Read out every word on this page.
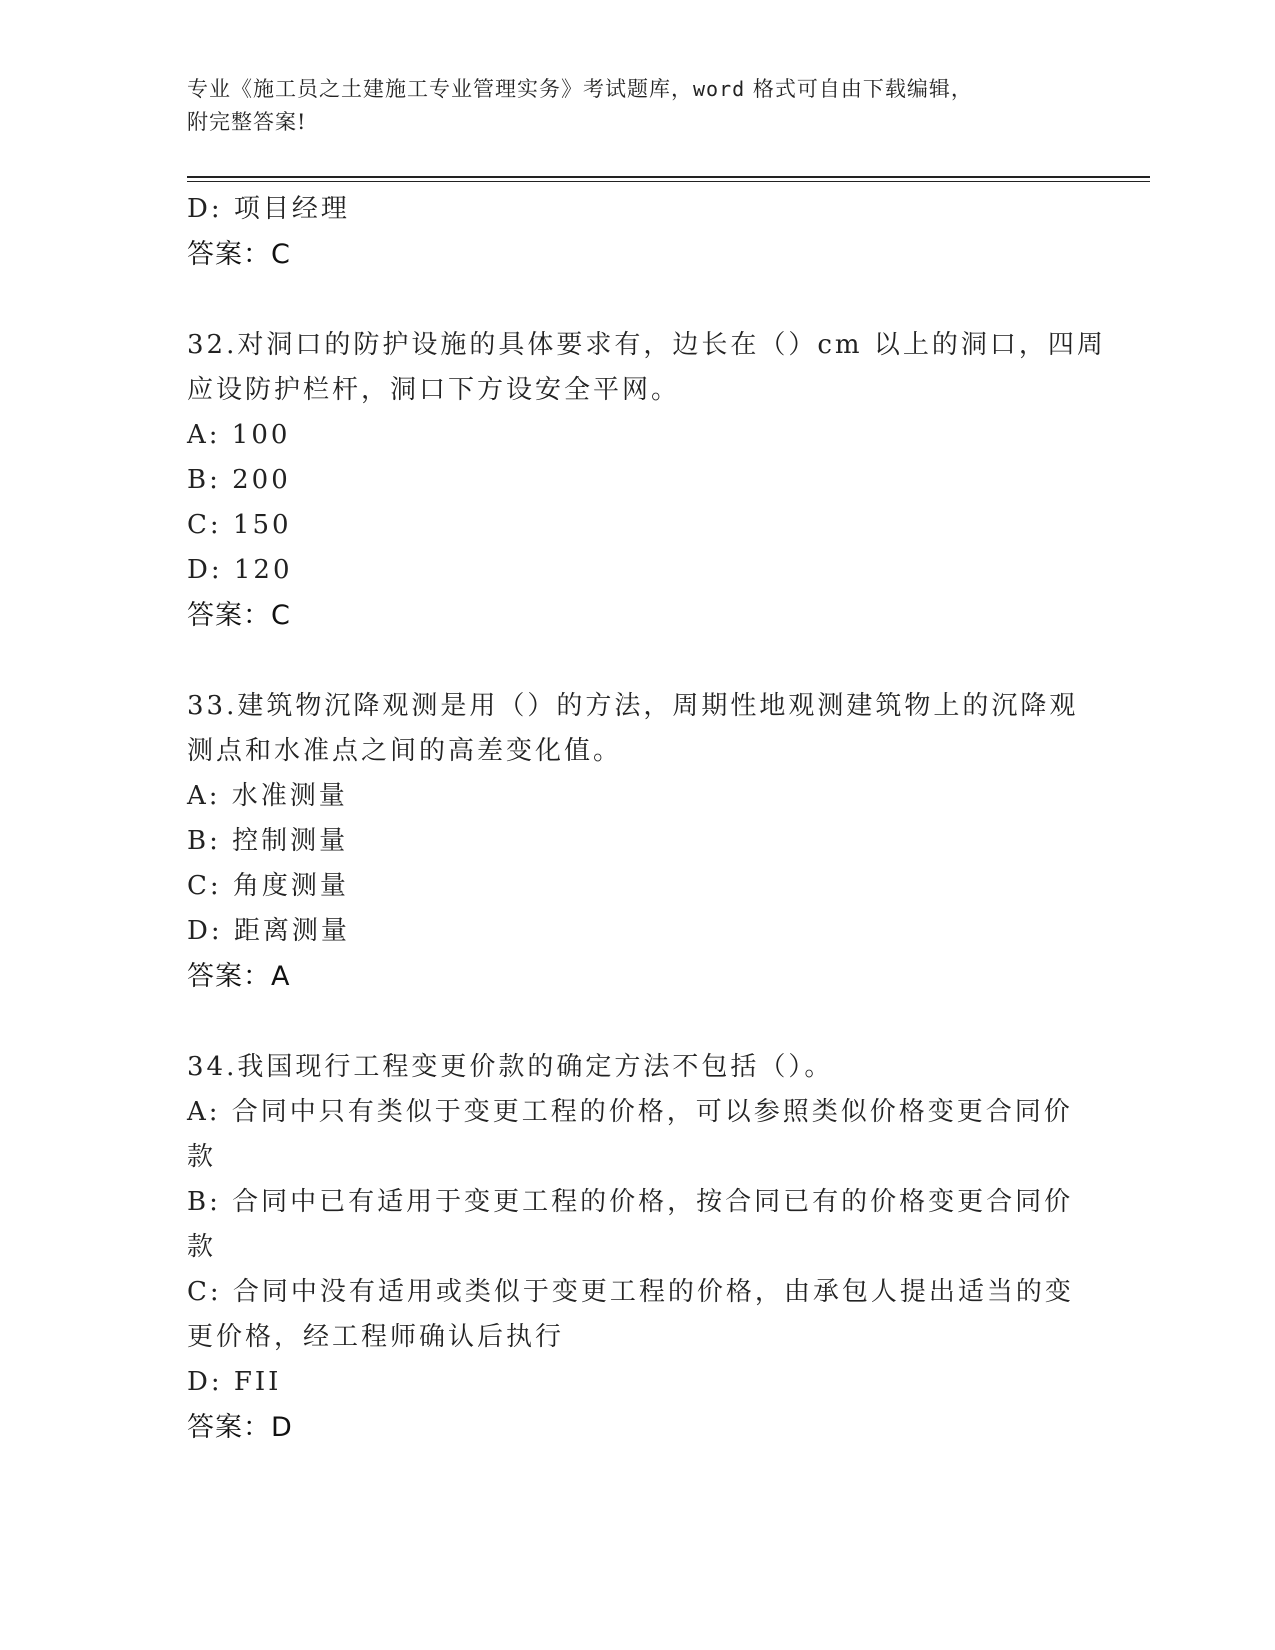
专业《施工员之土建施工专业管理实务》考试题库，word 格式可自由下载编辑，
附完整答案!
D: 项目经理
答案：C
32.对洞口的防护设施的具体要求有，边长在（）cm 以上的洞口，四周
应设防护栏杆，洞口下方设安全平网。
A: 100
B: 200
C: 150
D: 120
答案：C
33.建筑物沉降观测是用（）的方法，周期性地观测建筑物上的沉降观
测点和水准点之间的高差变化值。
A: 水准测量
B: 控制测量
C: 角度测量
D: 距离测量
答案：A
34.我国现行工程变更价款的确定方法不包括（）。
A: 合同中只有类似于变更工程的价格，可以参照类似价格变更合同价
款
B: 合同中已有适用于变更工程的价格，按合同已有的价格变更合同价
款
C: 合同中没有适用或类似于变更工程的价格，由承包人提出适当的变
更价格，经工程师确认后执行
D: FII
答案：D
